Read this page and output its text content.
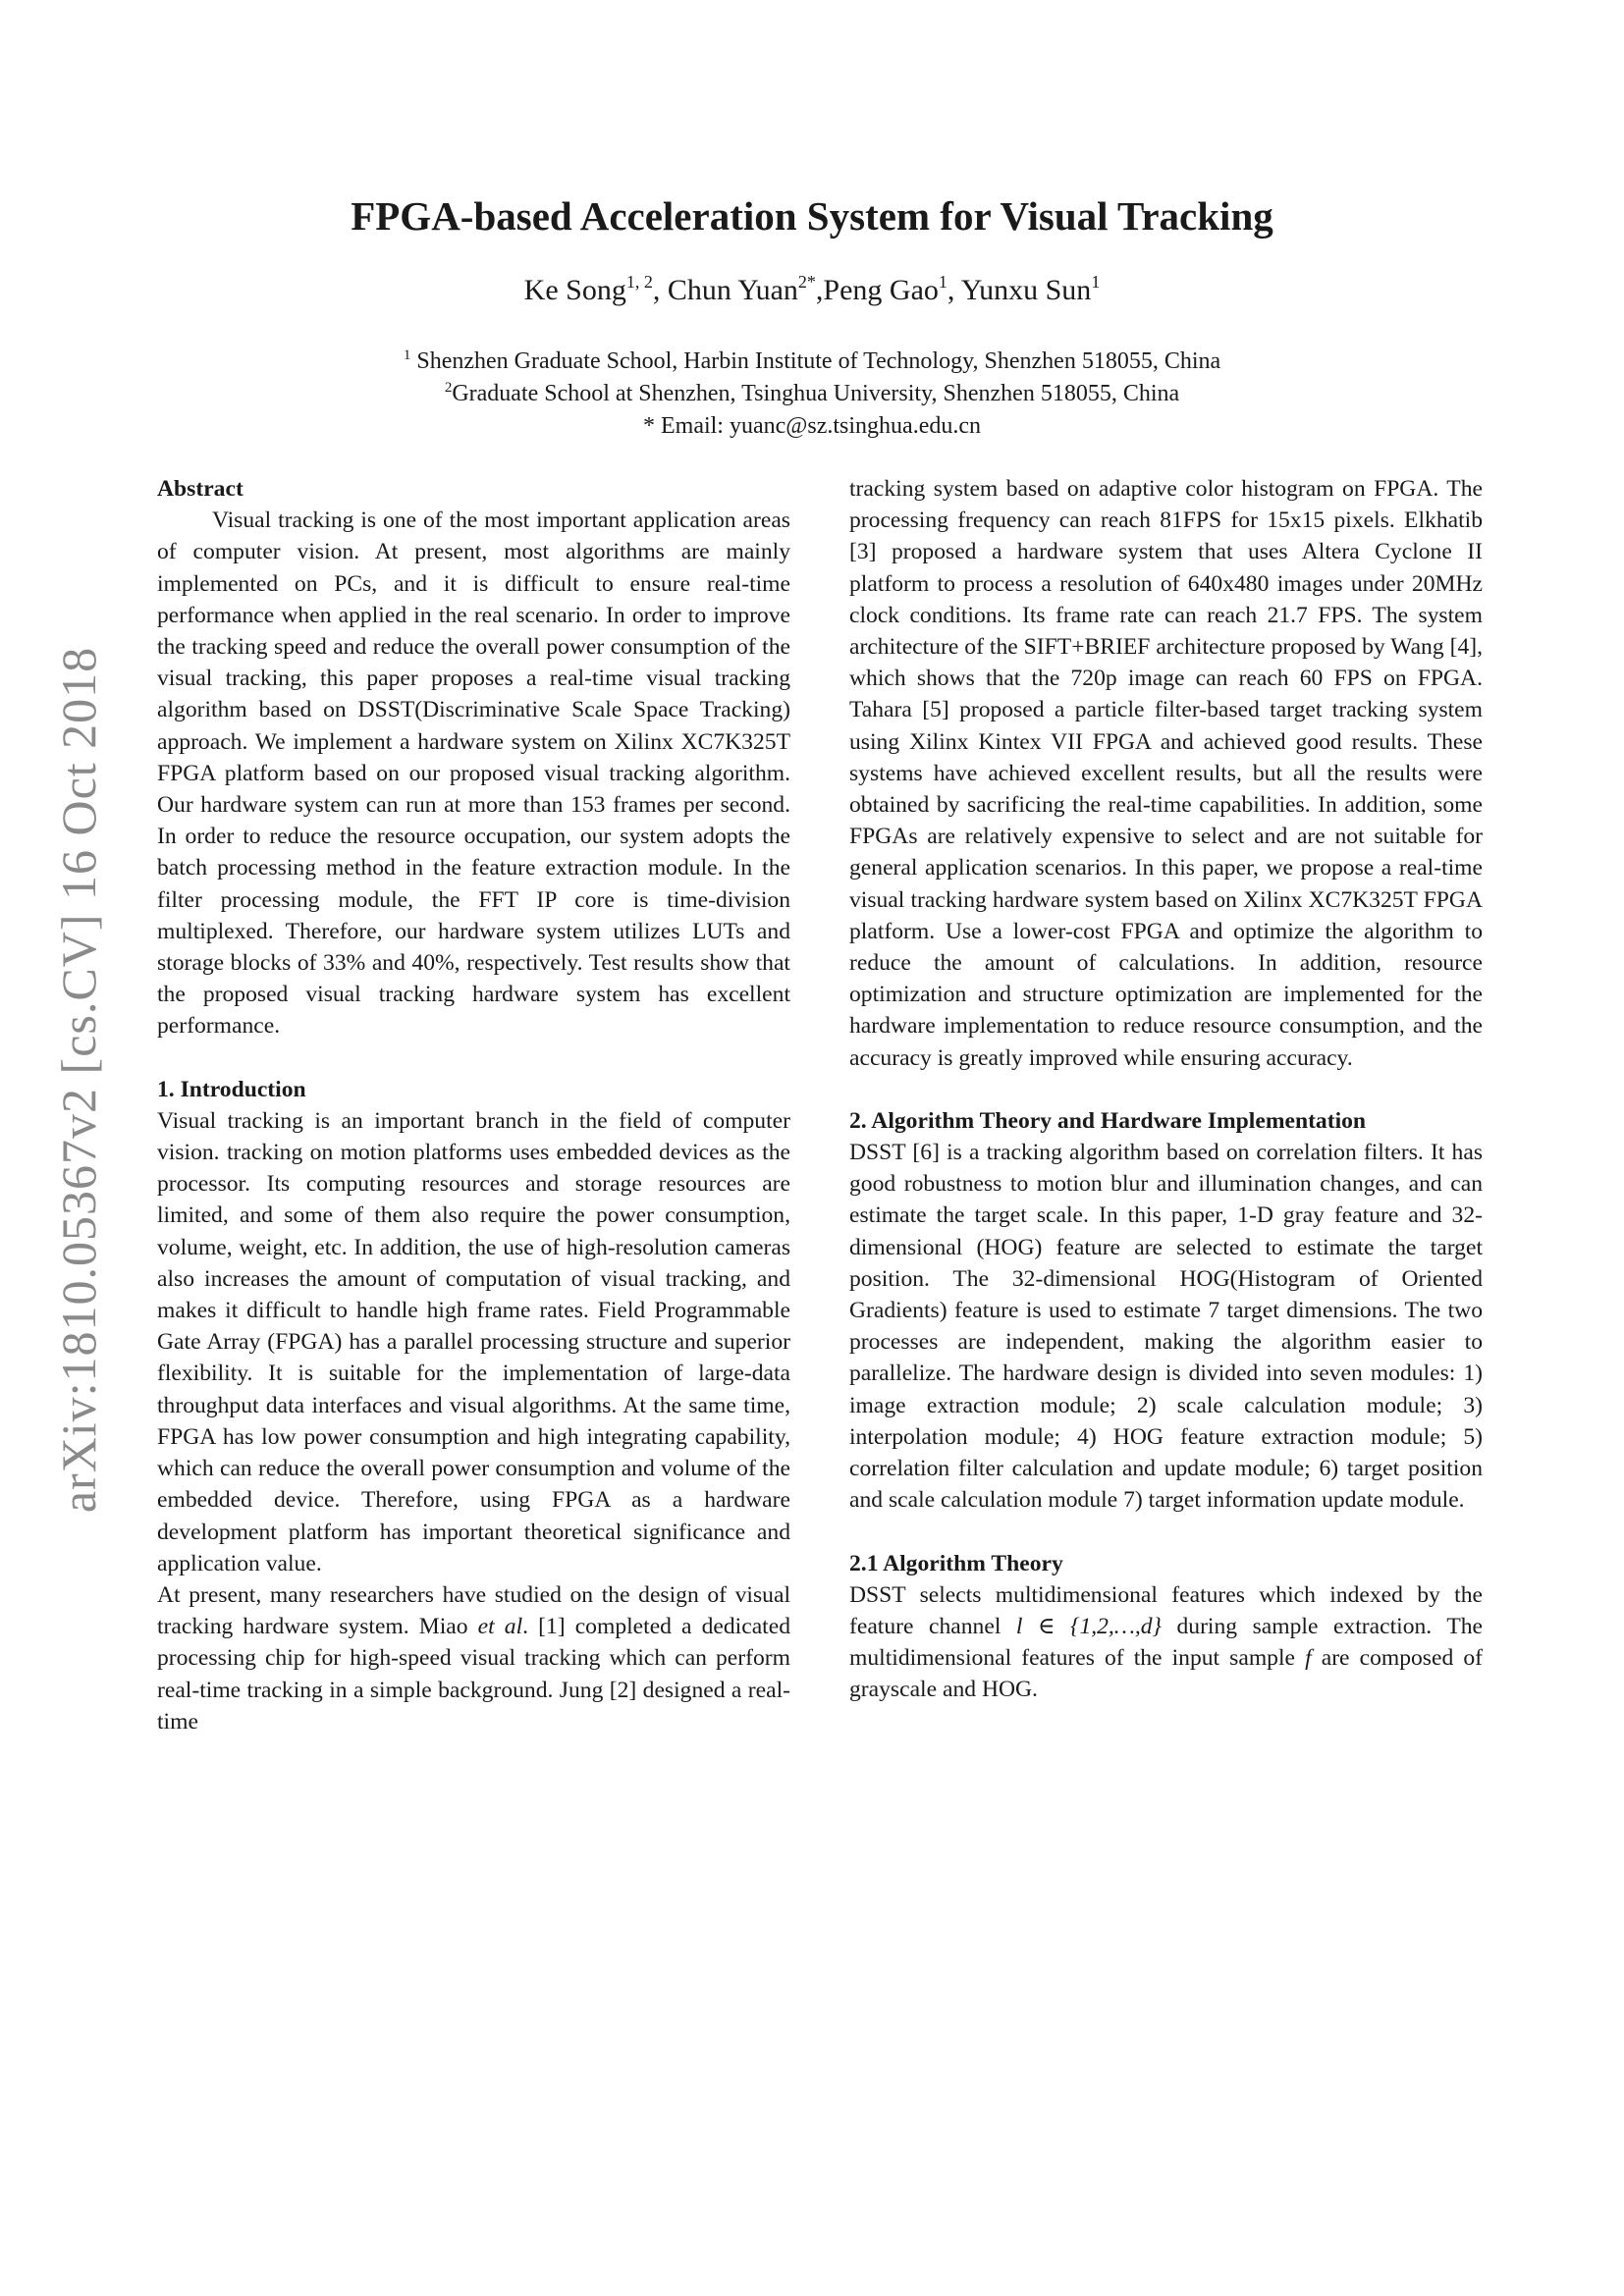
arXiv:1810.05367v2 [cs.CV] 16 Oct 2018
FPGA-based Acceleration System for Visual Tracking
Ke Song$^{1, 2}$, Chun Yuan$^{2*}$,Peng Gao$^1$, Yunxu Sun$^1$
$^1$ Shenzhen Graduate School, Harbin Institute of Technology, Shenzhen 518055, China
$^2$Graduate School at Shenzhen, Tsinghua University, Shenzhen 518055, China
* Email: yuanc@sz.tsinghua.edu.cn
Abstract

Visual tracking is one of the most important application areas of computer vision. At present, most algorithms are mainly implemented on PCs, and it is difficult to ensure real-time performance when applied in the real scenario. In order to improve the tracking speed and reduce the overall power consumption of the visual tracking, this paper proposes a real-time visual tracking algorithm based on DSST(Discriminative Scale Space Tracking) approach. We implement a hardware system on Xilinx XC7K325T FPGA platform based on our proposed visual tracking algorithm. Our hardware system can run at more than 153 frames per second. In order to reduce the resource occupation, our system adopts the batch processing method in the feature extraction module. In the filter processing module, the FFT IP core is time-division multiplexed. Therefore, our hardware system utilizes LUTs and storage blocks of 33% and 40%, respectively. Test results show that the proposed visual tracking hardware system has excellent performance.

1. Introduction

Visual tracking is an important branch in the field of computer vision. tracking on motion platforms uses embedded devices as the processor. Its computing resources and storage resources are limited, and some of them also require the power consumption, volume, weight, etc. In addition, the use of high-resolution cameras also increases the amount of computation of visual tracking, and makes it difficult to handle high frame rates. Field Programmable Gate Array (FPGA) has a parallel processing structure and superior flexibility. It is suitable for the implementation of large-data throughput data interfaces and visual algorithms. At the same time, FPGA has low power consumption and high integrating capability, which can reduce the overall power consumption and volume of the embedded device. Therefore, using FPGA as a hardware development platform has important theoretical significance and application value.

At present, many researchers have studied on the design of visual tracking hardware system. Miao et al. [1] completed a dedicated processing chip for high-speed visual tracking which can perform real-time tracking in a simple background. Jung [2] designed a real-time

tracking system based on adaptive color histogram on FPGA. The processing frequency can reach 81FPS for 15x15 pixels. Elkhatib [3] proposed a hardware system that uses Altera Cyclone II platform to process a resolution of 640x480 images under 20MHz clock conditions. Its frame rate can reach 21.7 FPS. The system architecture of the SIFT+BRIEF architecture proposed by Wang [4], which shows that the 720p image can reach 60 FPS on FPGA. Tahara [5] proposed a particle filter-based target tracking system using Xilinx Kintex VII FPGA and achieved good results. These systems have achieved excellent results, but all the results were obtained by sacrificing the real-time capabilities. In addition, some FPGAs are relatively expensive to select and are not suitable for general application scenarios. In this paper, we propose a real-time visual tracking hardware system based on Xilinx XC7K325T FPGA platform. Use a lower-cost FPGA and optimize the algorithm to reduce the amount of calculations. In addition, resource optimization and structure optimization are implemented for the hardware implementation to reduce resource consumption, and the accuracy is greatly improved while ensuring accuracy.

2. Algorithm Theory and Hardware Implementation

DSST [6] is a tracking algorithm based on correlation filters. It has good robustness to motion blur and illumination changes, and can estimate the target scale. In this paper, 1-D gray feature and 32-dimensional (HOG) feature are selected to estimate the target position. The 32-dimensional HOG(Histogram of Oriented Gradients) feature is used to estimate 7 target dimensions. The two processes are independent, making the algorithm easier to parallelize. The hardware design is divided into seven modules: 1) image extraction module; 2) scale calculation module; 3) interpolation module; 4) HOG feature extraction module; 5) correlation filter calculation and update module; 6) target position and scale calculation module 7) target information update module.

2.1 Algorithm Theory

DSST selects multidimensional features which indexed by the feature channel l ∈ {1,2,…,d} during sample extraction. The multidimensional features of the input sample f are composed of grayscale and HOG.
